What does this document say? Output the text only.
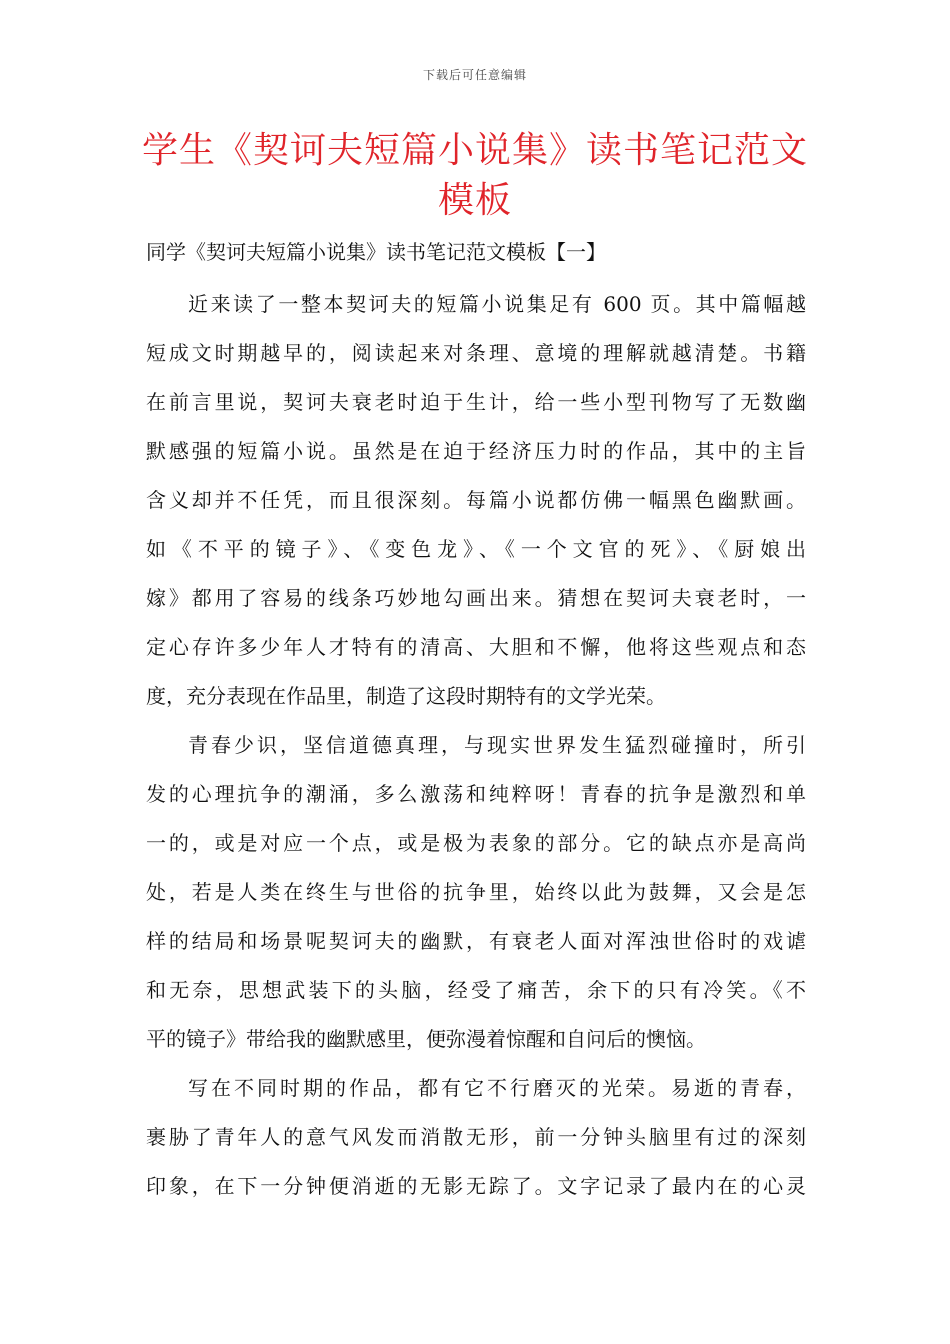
下载后可任意编辑
学生《契诃夫短篇小说集》读书笔记范文
模板
同学《契诃夫短篇小说集》读书笔记范文模板【一】
近来读了一整本契诃夫的短篇小说集足有 600 页。其中篇幅越
短成文时期越早的，阅读起来对条理、意境的理解就越清楚。书籍
在前言里说，契诃夫衰老时迫于生计，给一些小型刊物写了无数幽
默感强的短篇小说。虽然是在迫于经济压力时的作品，其中的主旨
含义却并不任凭，而且很深刻。每篇小说都仿佛一幅黑色幽默画。
如《不平的镜子》、《变色龙》、《一个文官的死》、《厨娘出
嫁》都用了容易的线条巧妙地勾画出来。猜想在契诃夫衰老时，一
定心存许多少年人才特有的清高、大胆和不懈，他将这些观点和态
度，充分表现在作品里，制造了这段时期特有的文学光荣。
青春少识，坚信道德真理，与现实世界发生猛烈碰撞时，所引
发的心理抗争的潮涌，多么激荡和纯粹呀！青春的抗争是激烈和单
一的，或是对应一个点，或是极为表象的部分。它的缺点亦是高尚
处，若是人类在终生与世俗的抗争里，始终以此为鼓舞，又会是怎
样的结局和场景呢契诃夫的幽默，有衰老人面对浑浊世俗时的戏谑
和无奈，思想武装下的头脑，经受了痛苦，余下的只有冷笑。《不
平的镜子》带给我的幽默感里，便弥漫着惊醒和自问后的懊恼。
写在不同时期的作品，都有它不行磨灭的光荣。易逝的青春，
裹胁了青年人的意气风发而消散无形，前一分钟头脑里有过的深刻
印象，在下一分钟便消逝的无影无踪了。文字记录了最内在的心灵
